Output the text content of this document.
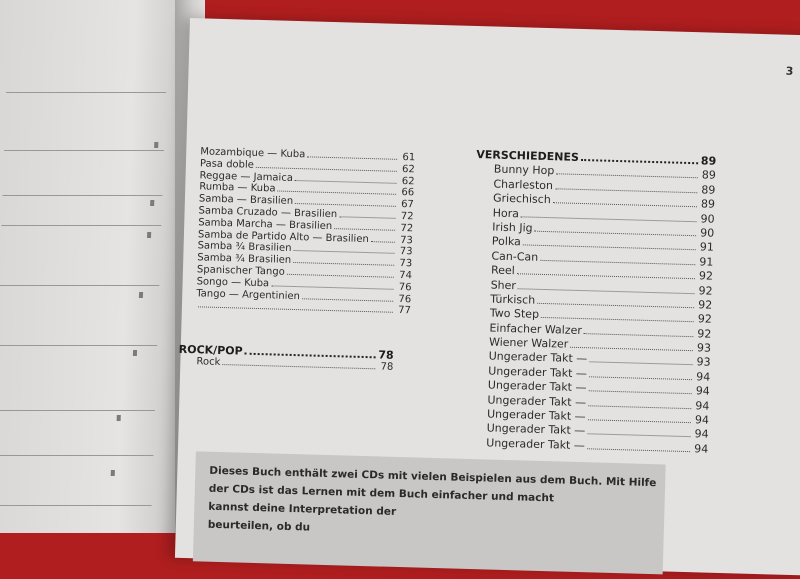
3
Mozambique — Kuba	61
Pasa doble	62
Reggae — Jamaica	62
Rumba — Kuba	66
Samba — Brasilien	67
Samba Cruzado — Brasilien	72
Samba Marcha — Brasilien	72
Samba de Partido Alto — Brasilien	73
Samba ¾ Brasilien	73
Samba ¾ Brasilien	73
Spanischer Tango	74
Songo — Kuba	76
Tango — Argentinien	76
77
ROCK/POP	78
Rock	78
VERSCHIEDENES	89
Bunny Hop	89
Charleston	89
Griechisch	89
Hora	90
Irish Jig	90
Polka	91
Can-Can	91
Reel	92
Sher	92
Türkisch	92
Two Step	92
Einfacher Walzer	92
Wiener Walzer	93
Ungerader Takt —	93
Ungerader Takt —	94
Ungerader Takt —	94
Ungerader Takt —	94
Ungerader Takt —	94
Ungerader Takt —	94
Ungerader Takt —	94

Dieses Buch enthält zwei CDs mit vielen Beispielen aus dem Buch. Mit Hilfe

der CDs ist das Lernen mit dem Buch einfacher und macht

kannst deine Interpretation der

beurteilen, ob du
